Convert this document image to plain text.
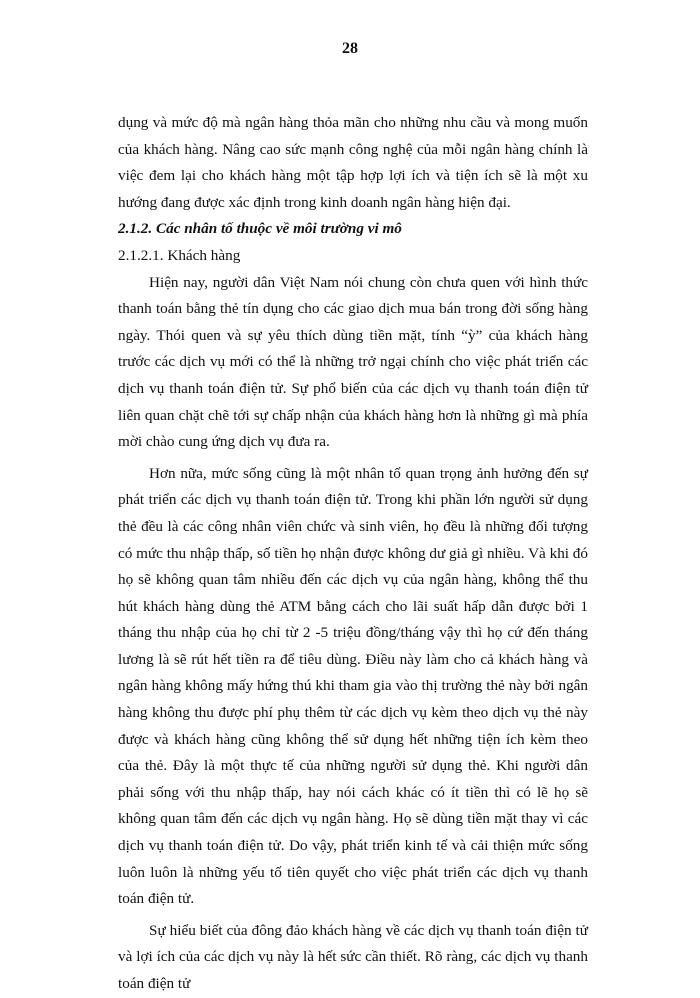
28

dụng và mức độ mà ngân hàng thỏa mãn cho những nhu cầu và mong muốn của khách hàng. Nâng cao sức mạnh công nghệ của mỗi ngân hàng chính là việc đem lại cho khách hàng một tập hợp lợi ích và tiện ích sẽ là một xu hướng đang được xác định trong kinh doanh ngân hàng hiện đại.

2.1.2. Các nhân tố thuộc về môi trường vi mô

2.1.2.1. Khách hàng

Hiện nay, người dân Việt Nam nói chung còn chưa quen với hình thức thanh toán bằng thẻ tín dụng cho các giao dịch mua bán trong đời sống hàng ngày. Thói quen và sự yêu thích dùng tiền mặt, tính “ỳ” của khách hàng trước các dịch vụ mới có thể là những trở ngại chính cho việc phát triển các dịch vụ thanh toán điện tử. Sự phổ biến của các dịch vụ thanh toán điện tử liên quan chặt chẽ tới sự chấp nhận của khách hàng hơn là những gì mà phía mời chào cung ứng dịch vụ đưa ra.

Hơn nữa, mức sống cũng là một nhân tố quan trọng ảnh hưởng đến sự phát triển các dịch vụ thanh toán điện tử. Trong khi phần lớn người sử dụng thẻ đều là các công nhân viên chức và sinh viên, họ đều là những đối tượng có mức thu nhập thấp, số tiền họ nhận được không dư giả gì nhiều. Và khi đó họ sẽ không quan tâm nhiều đến các dịch vụ của ngân hàng, không thể thu hút khách hàng dùng thẻ ATM bằng cách cho lãi suất hấp dẫn được bởi 1 tháng thu nhập của họ chỉ từ 2 -5 triệu đồng/tháng vậy thì họ cứ đến tháng lương là sẽ rút hết tiền ra để tiêu dùng. Điều này làm cho cả khách hàng và ngân hàng không mấy hứng thú khi tham gia vào thị trường thẻ này bởi ngân hàng không thu được phí phụ thêm từ các dịch vụ kèm theo dịch vụ thẻ này được và khách hàng cũng không thể sử dụng hết những tiện ích kèm theo của thẻ. Đây là một thực tế của những người sử dụng thẻ. Khi người dân phải sống với thu nhập thấp, hay nói cách khác có ít tiền thì có lẽ họ sẽ không quan tâm đến các dịch vụ ngân hàng. Họ sẽ dùng tiền mặt thay vì các dịch vụ thanh toán điện tử. Do vậy, phát triển kinh tế và cải thiện mức sống luôn luôn là những yếu tố tiên quyết cho việc phát triển các dịch vụ thanh toán điện tử.

Sự hiểu biết của đông đảo khách hàng về các dịch vụ thanh toán điện tử và lợi ích của các dịch vụ này là hết sức cần thiết. Rõ ràng, các dịch vụ thanh toán điện tử
